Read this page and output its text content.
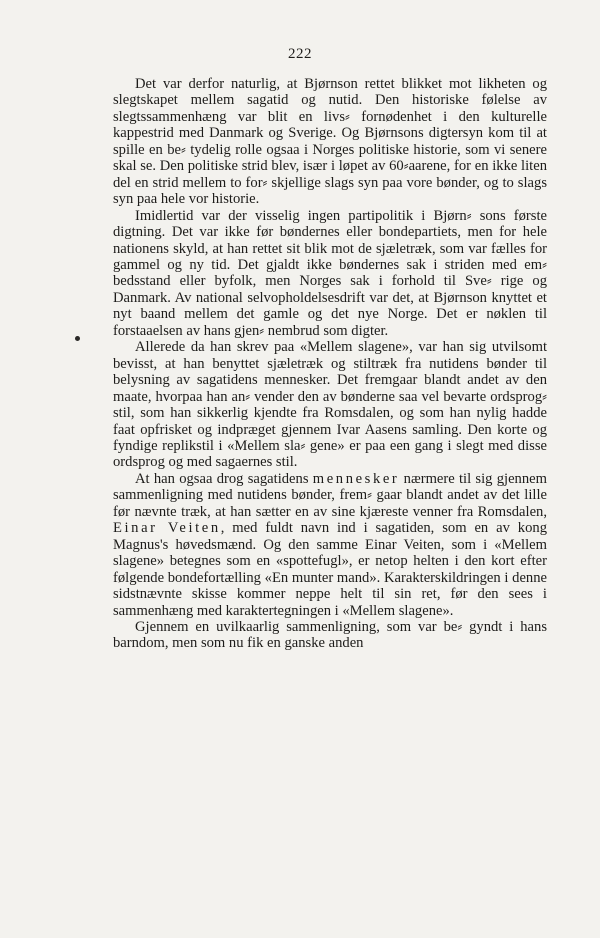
222

Det var derfor naturlig, at Bjørnson rettet blikket mot likheten og slegtskapet mellem sagatid og nutid. Den historiske følelse av slegtssammenhæng var blit en livs⸗ fornødenhet i den kulturelle kappestrid med Danmark og Sverige. Og Bjørnsons digtersyn kom til at spille en be⸗ tydelig rolle ogsaa i Norges politiske historie, som vi senere skal se. Den politiske strid blev, især i løpet av 60⸗aarene, for en ikke liten del en strid mellem to for⸗ skjellige slags syn paa vore bønder, og to slags syn paa hele vor historie.

Imidlertid var der visselig ingen partipolitik i Bjørn⸗ sons første digtning. Det var ikke før bøndernes eller bondepartiets, men for hele nationens skyld, at han rettet sit blik mot de sjæletræk, som var fælles for gammel og ny tid. Det gjaldt ikke bøndernes sak i striden med em⸗ bedsstand eller byfolk, men Norges sak i forhold til Sve⸗ rige og Danmark. Av national selvopholdelsesdrift var det, at Bjørnson knyttet et nyt baand mellem det gamle og det nye Norge. Det er nøklen til forstaaelsen av hans gjen⸗ nembrud som digter.

Allerede da han skrev paa «Mellem slagene», var han sig utvilsomt bevisst, at han benyttet sjæletræk og stiltræk fra nutidens bønder til belysning av sagatidens mennesker. Det fremgaar blandt andet av den maate, hvorpaa han an⸗ vender den av bønderne saa vel bevarte ordsprog⸗stil, som han sikkerlig kjendte fra Romsdalen, og som han nylig hadde faat opfrisket og indpræget gjennem Ivar Aasens samling. Den korte og fyndige replikstil i «Mellem sla⸗ gene» er paa een gang i slegt med disse ordsprog og med sagaernes stil.

At han ogsaa drog sagatidens mennesker nærmere til sig gjennem sammenligning med nutidens bønder, frem⸗ gaar blandt andet av det lille før nævnte træk, at han sætter en av sine kjæreste venner fra Romsdalen, Einar Veiten, med fuldt navn ind i sagatiden, som en av kong Magnus's høvedsmænd. Og den samme Einar Veiten, som i «Mellem slagene» betegnes som en «spottefugl», er netop helten i den kort efter følgende bondefortælling «En munter mand». Karakterskildringen i denne sidstnævnte skisse kommer neppe helt til sin ret, før den sees i sammenhæng med karaktertegningen i «Mellem slagene».

Gjennem en uvilkaarlig sammenligning, som var be⸗ gyndt i hans barndom, men som nu fik en ganske anden
